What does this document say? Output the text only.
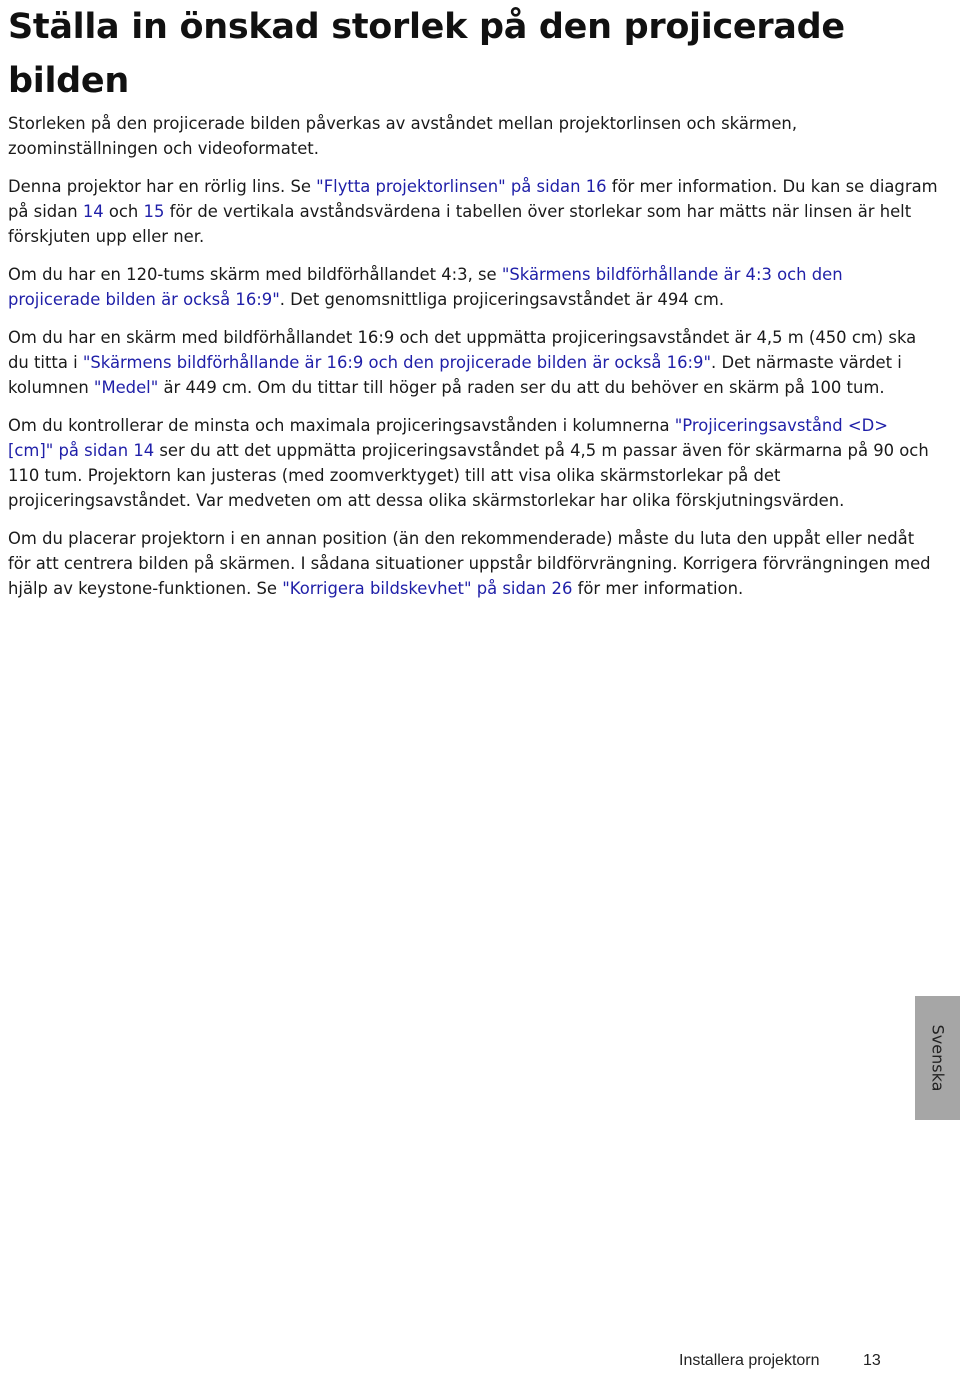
Ställa in önskad storlek på den projicerade bilden

Storleken på den projicerade bilden påverkas av avståndet mellan projektorlinsen och skärmen, zoominställningen och videoformatet.

Denna projektor har en rörlig lins. Se "Flytta projektorlinsen" på sidan 16 för mer information. Du kan se diagram på sidan 14 och 15 för de vertikala avståndsvärdena i tabellen över storlekar som har mätts när linsen är helt förskjuten upp eller ner.

Om du har en 120-tums skärm med bildförhållandet 4:3, se "Skärmens bildförhållande är 4:3 och den projicerade bilden är också 16:9". Det genomsnittliga projiceringsavståndet är 494 cm.

Om du har en skärm med bildförhållandet 16:9 och det uppmätta projiceringsavståndet är 4,5 m (450 cm) ska du titta i "Skärmens bildförhållande är 16:9 och den projicerade bilden är också 16:9". Det närmaste värdet i kolumnen "Medel" är 449 cm. Om du tittar till höger på raden ser du att du behöver en skärm på 100 tum.

Om du kontrollerar de minsta och maximala projiceringsavstånden i kolumnerna "Projiceringsavstånd <D> [cm]" på sidan 14 ser du att det uppmätta projiceringsavståndet på 4,5 m passar även för skärmarna på 90 och 110 tum. Projektorn kan justeras (med zoomverktyget) till att visa olika skärmstorlekar på det projiceringsavståndet. Var medveten om att dessa olika skärmstorlekar har olika förskjutningsvärden.

Om du placerar projektorn i en annan position (än den rekommenderade) måste du luta den uppåt eller nedåt för att centrera bilden på skärmen. I sådana situationer uppstår bildförvrängning. Korrigera förvrängningen med hjälp av keystone-funktionen. Se "Korrigera bildskevhet" på sidan 26 för mer information.

Svenska
Installera projektorn	13
